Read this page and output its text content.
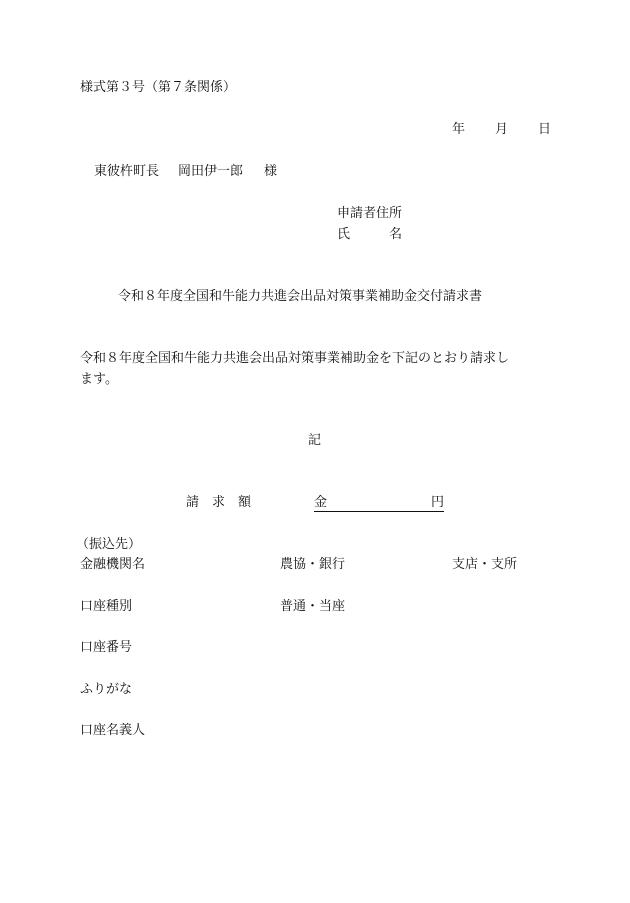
様式第３号（第７条関係）
年 月 日
東彼杵町長 岡田伊一郎 様
申請者住所
氏　　　名
令和８年度全国和牛能力共進会出品対策事業補助金交付請求書
令和８年度全国和牛能力共進会出品対策事業補助金を下記のとおり請求し
ます。
記
請　求　額	金	円
（振込先）
金融機関名	農協・銀行	支店・支所
口座種別	普通・当座
口座番号
ふりがな
口座名義人
